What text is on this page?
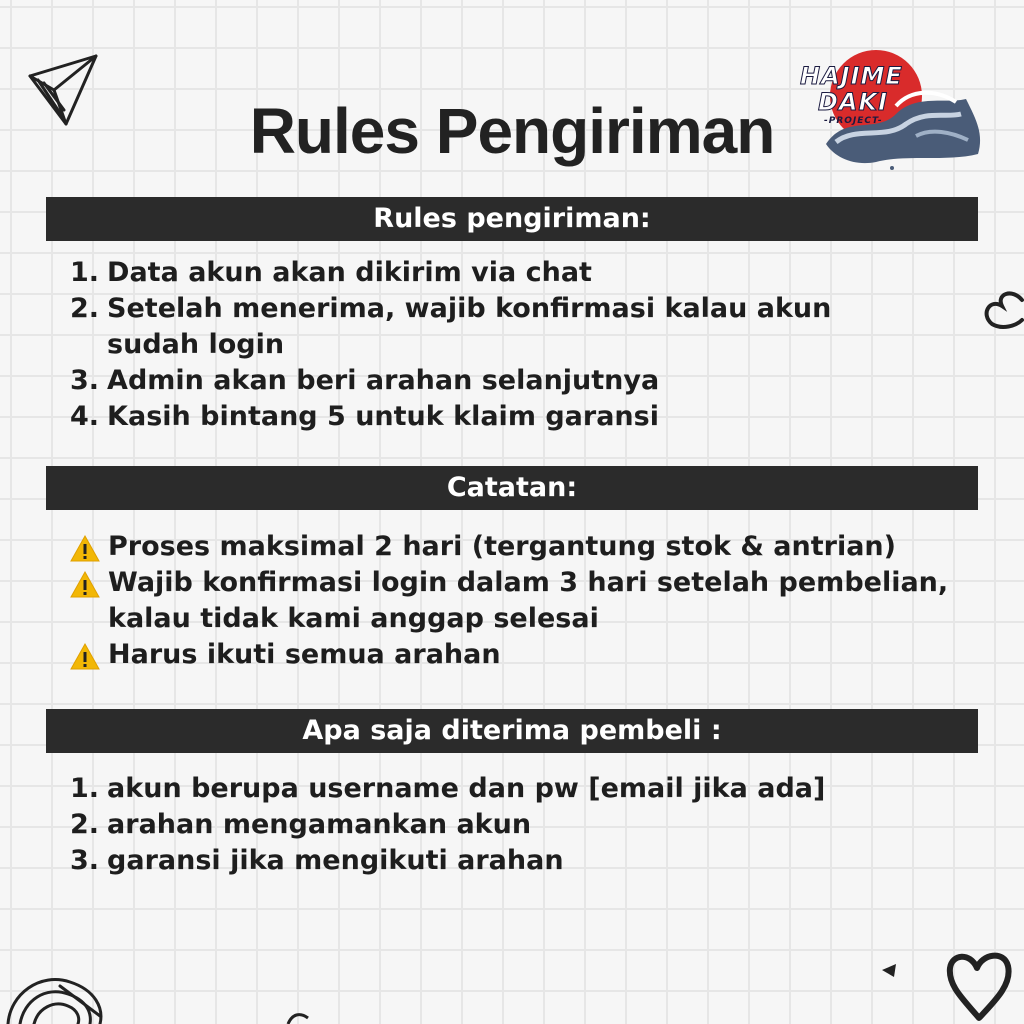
HAJIME
DAKI
-PROJECT-
Rules Pengiriman
Rules pengiriman:
1. Data akun akan dikirim via chat
2. Setelah menerima, wajib konfirmasi kalau akun sudah login
3. Admin akan beri arahan selanjutnya
4. Kasih bintang 5 untuk klaim garansi
Catatan:
Proses maksimal 2 hari (tergantung stok & antrian)
Wajib konfirmasi login dalam 3 hari setelah pembelian, kalau tidak kami anggap selesai
Harus ikuti semua arahan
Apa saja diterima pembeli :
1. akun berupa username dan pw [email jika ada]
2. arahan mengamankan akun
3. garansi jika mengikuti arahan
